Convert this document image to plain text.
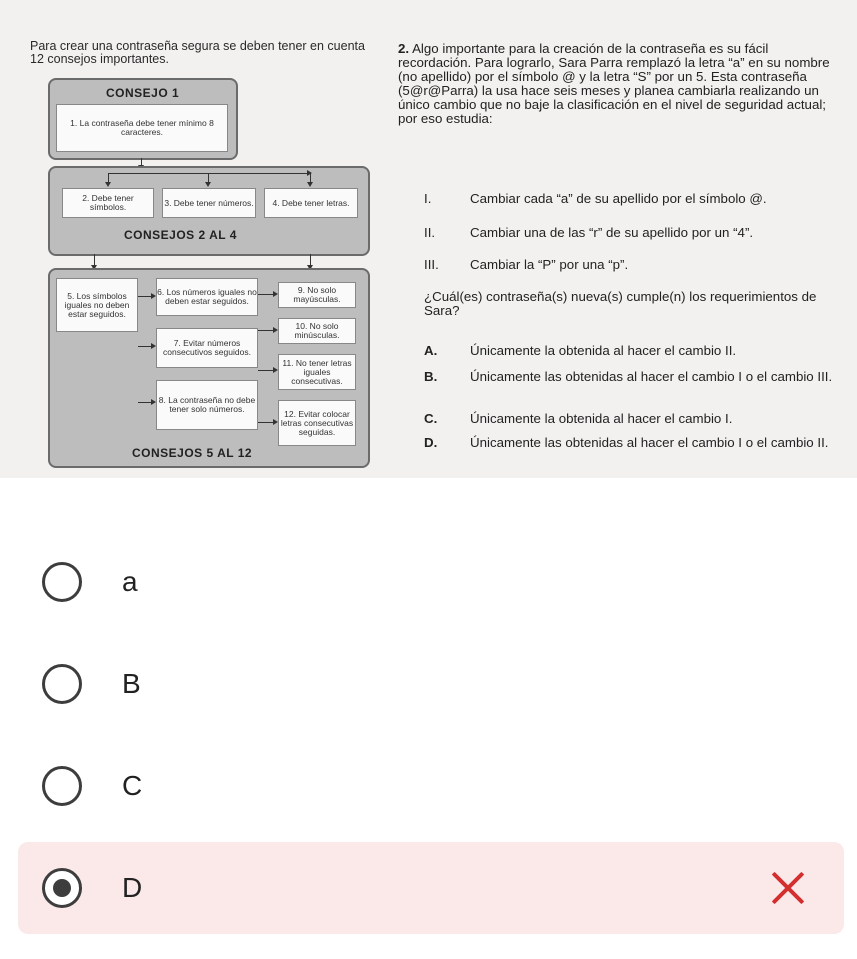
Para crear una contraseña segura se deben tener en cuenta 12 consejos importantes.
CONSEJO 1
1. La contraseña debe tener mínimo 8 caracteres.
2. Debe tener símbolos.	3. Debe tener números.	4. Debe tener letras.
CONSEJOS 2 AL 4
5. Los símbolos iguales no deben estar seguidos.
6. Los números iguales no deben estar seguidos.
7. Evitar números consecutivos seguidos.
8. La contraseña no debe tener solo números.
9. No solo mayúsculas.
10. No solo minúsculas.
11. No tener letras iguales consecutivas.
12. Evitar colocar letras consecutivas seguidas.
CONSEJOS 5 AL 12
2. Algo importante para la creación de la contraseña es su fácil recordación. Para lograrlo, Sara Parra remplazó la letra “a” en su nombre (no apellido) por el símbolo @ y la letra “S” por un 5. Esta contraseña (5@r@Parra) la usa hace seis meses y planea cambiarla realizando un único cambio que no baje la clasificación en el nivel de seguridad actual; por eso estudia:
I.	Cambiar cada “a” de su apellido por el símbolo @.
II.	Cambiar una de las “r” de su apellido por un “4”.
III. Cambiar la “P” por una “p”.
¿Cuál(es) contraseña(s) nueva(s) cumple(n) los requerimientos de Sara?
A. Únicamente la obtenida al hacer el cambio II.
B. Únicamente las obtenidas al hacer el cambio I o el cambio III.
C. Únicamente la obtenida al hacer el cambio I.
D. Únicamente las obtenidas al hacer el cambio I o el cambio II.
a
B
C
D
